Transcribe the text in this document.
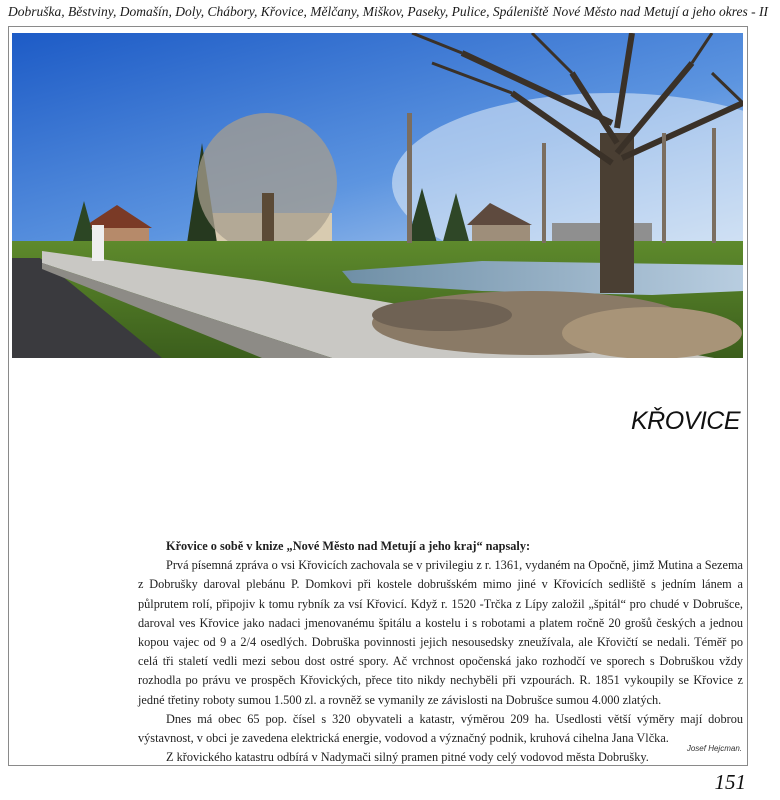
Dobruška, Běstviny, Domašín, Doly, Chábory, Křovice, Mělčany, Miškov, Paseky, Pulice, Spáleniště Nové Město nad Metují a jeho okres - II
KŘOVICE

Křovice o sobě v knize „Nové Město nad Metují a jeho kraj“ napsaly:

Prvá písemná zpráva o vsi Křovicích zachovala se v privilegiu z r. 1361, vydaném na Opočně, jimž Mutina a Sezema z Dobrušky daroval plebánu P. Domkovi při kostele dobrušském mimo jiné v Křovicích sedliště s jedním lánem a půlprutem rolí, připojiv k tomu rybník za vsí Křovicí. Když r. 1520 -Trčka z Lípy založil „špitál“ pro chudé v Dobrušce, daroval ves Křovice jako nadaci jmenovanému špitálu a kostelu i s robotami a platem ročně 20 grošů českých a jednou kopou vajec od 9 a 2/4 osedlých. Dobruška povinnosti jejich nesousedsky zneužívala, ale Křovičtí se nedali. Téměř po celá tři staletí vedli mezi sebou dost ostré spory. Ač vrchnost opočenská jako rozhodčí ve sporech s Dobruškou vždy rozhodla po právu ve prospěch Křovických, přece tito nikdy nechyběli při vzpourách. R. 1851 vykoupily se Křovice z jedné třetiny roboty sumou 1.500 zl. a rovněž se vymanily ze závislosti na Dobrušce sumou 4.000 zlatých.

Dnes má obec 65 pop. čísel s 320 obyvateli a katastr, výměrou 209 ha. Usedlosti větší výměry mají dobrou výstavnost, v obci je zavedena elektrická energie, vodovod a význačný podnik, kruhová cihelna Jana Vlčka.

Z křovického katastru odbírá v Nadymači silný pramen pitné vody celý vodovod města Dobrušky.

Josef Hejcman.
151
